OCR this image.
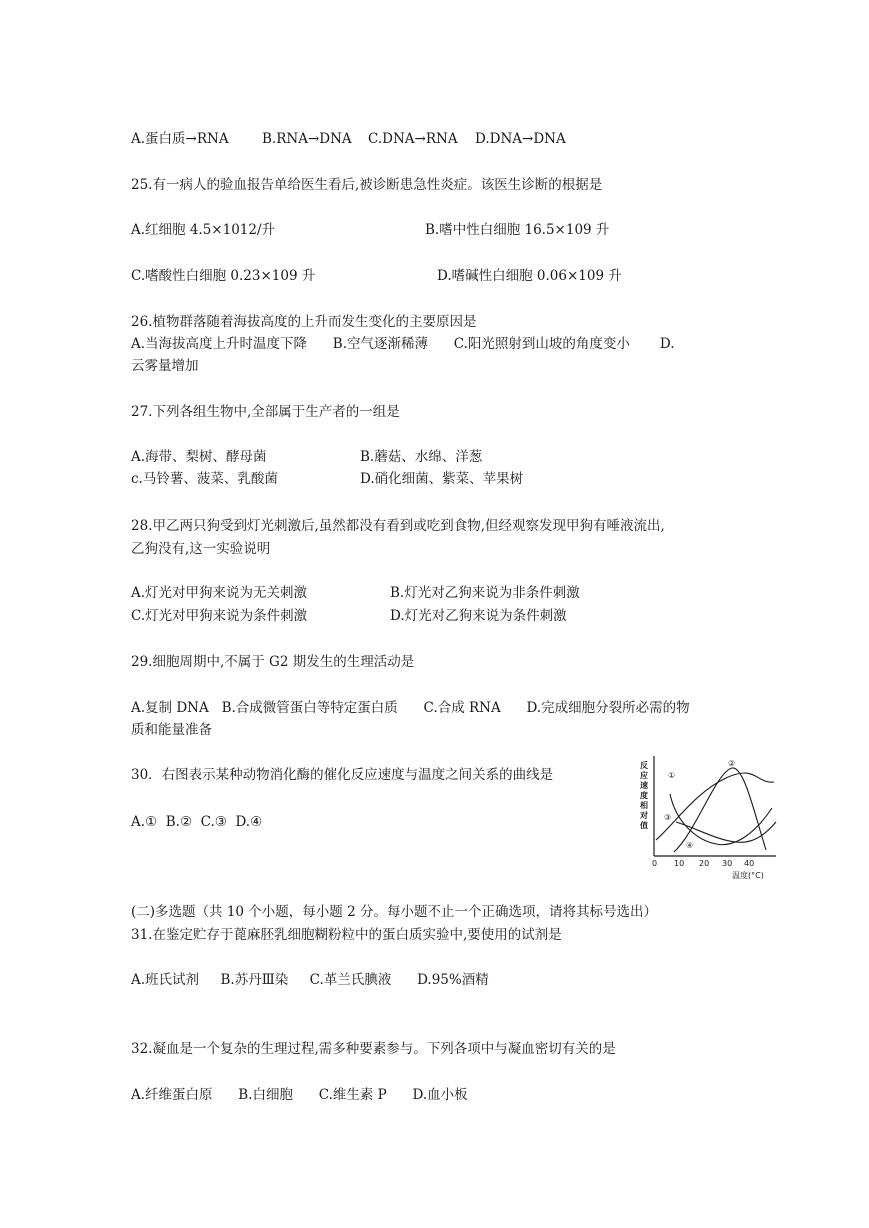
A.蛋白质→RNA B.RNA→DNA C.DNA→RNA D.DNA→DNA
25.有一病人的验血报告单给医生看后,被诊断患急性炎症。该医生诊断的根据是
A.红细胞 4.5×1012/升	B.嗜中性白细胞 16.5×109 升
C.嗜酸性白细胞 0.23×109 升	D.嗜碱性白细胞 0.06×109 升
26.植物群落随着海拔高度的上升而发生变化的主要原因是
A.当海拔高度上升时温度下降      B.空气逐渐稀薄      C.阳光照射到山坡的角度变小       D.
云雾量增加
27.下列各组生物中,全部属于生产者的一组是
A.海带、梨树、酵母菌	B.蘑菇、水绵、洋葱
c.马铃薯、菠菜、乳酸菌	D.硝化细菌、紫菜、苹果树
28.甲乙两只狗受到灯光刺激后,虽然都没有看到或吃到食物,但经观察发现甲狗有唾液流出,
乙狗没有,这一实验说明
A.灯光对甲狗来说为无关刺激	B.灯光对乙狗来说为非条件刺激
C.灯光对甲狗来说为条件刺激	D.灯光对乙狗来说为条件刺激
29.细胞周期中,不属于 G2 期发生的生理活动是
A.复制 DNA   B.合成微管蛋白等特定蛋白质      C.合成 RNA      D.完成细胞分裂所必需的物
质和能量准备
30．右图表示某种动物消化酶的催化反应速度与温度之间关系的曲线是
A.①  B.②  C.③  D.④
反 应 速 度 相 对 值
①
②
③
④
0 10 20 30 40
温度(°C)
(二)多选题（共 10 个小题，每小题 2 分。每小题不止一个正确选项，请将其标号选出）
31.在鉴定贮存于蓖麻胚乳细胞糊粉粒中的蛋白质实验中,要使用的试剂是
A.班氏试剂     B.苏丹Ⅲ染     C.革兰氏腆液      D.95%酒精
32.凝血是一个复杂的生理过程,需多种要素参与。下列各项中与凝血密切有关的是
A.纤维蛋白原      B.白细胞      C.维生素 P      D.血小板
